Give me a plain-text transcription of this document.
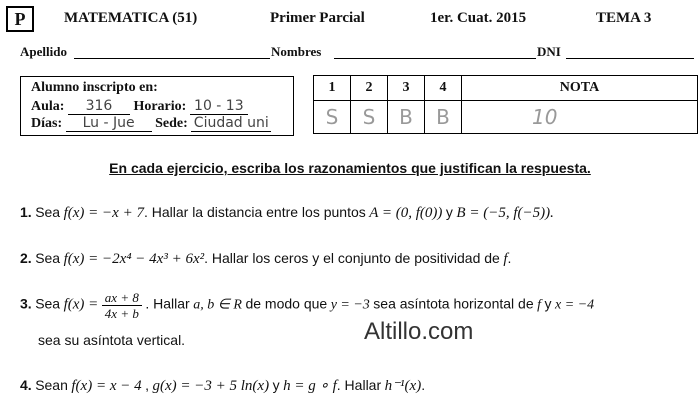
P	MATEMATICA (51)	Primer Parcial	1er. Cuat. 2015	TEMA 3
Apellido	Nombres	DNI
Alumno inscripto en:
Aula: 316 Horario: 10 - 13
Días: Lu - Jue Sede: Ciudad uni
1	2	3	4	NOTA
S	S	B	B	10
En cada ejercicio, escriba los razonamientos que justifican la respuesta.
1. Sea f(x) = −x + 7. Hallar la distancia entre los puntos A = (0, f(0)) y B = (−5, f(−5)).
2. Sea f(x) = −2x⁴ − 4x³ + 6x². Hallar los ceros y el conjunto de positividad de f.
3. Sea $f(x) = \frac{ax + 8}{4x + b}$ . Hallar a, b ∈ R de modo que y = −3 sea asíntota horizontal de f y x = −4
sea su asíntota vertical.	Altillo.com
4. Sean f(x) = x − 4 , g(x) = −3 + 5 ln(x) y h = g ∘ f. Hallar h⁻¹(x).
